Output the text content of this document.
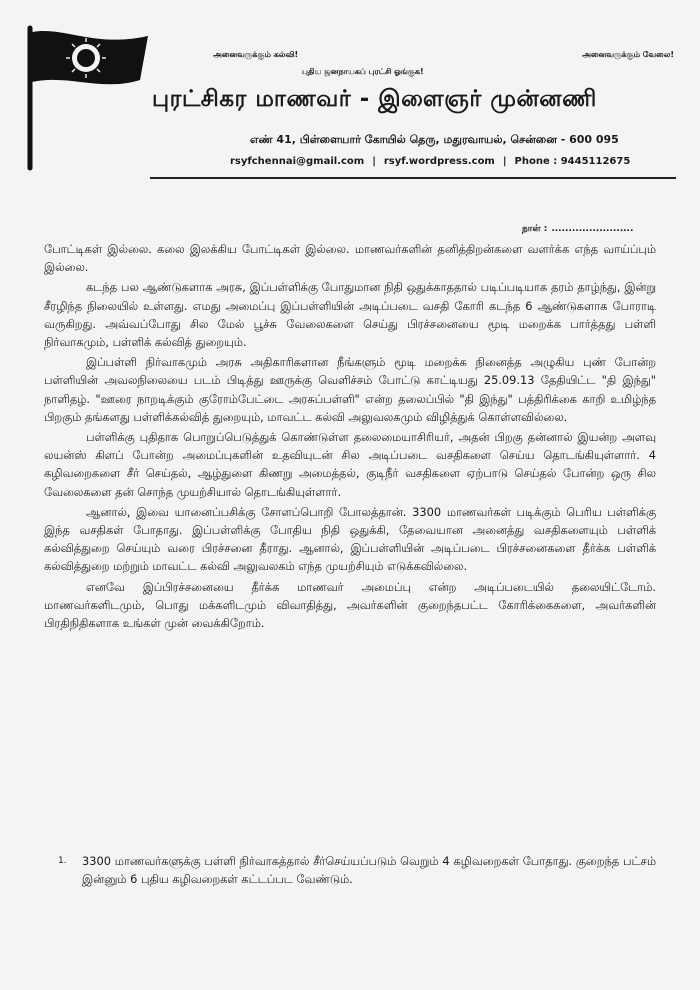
அனைவருக்கும் கல்வி!	அனைவருக்கும் வேலை!
புதிய ஜனநாயகப் புரட்சி ஓங்குக!
புரட்சிகர மாணவர் - இளைஞர் முன்னணி
எண் 41, பிள்ளையார் கோயில் தெரு, மதுரவாயல், சென்னை - 600 095
rsyfchennai@gmail.com | rsyf.wordpress.com | Phone : 9445112675
நாள் : ........................

போட்டிகள் இல்லை. கலை இலக்கிய போட்டிகள் இல்லை. மாணவர்களின் தனித்திறன்களை வளர்க்க எந்த வாய்ப்பும் இல்லை.

கடந்த பல ஆண்டுகளாக அரசு, இப்பள்ளிக்கு போதுமான நிதி ஒதுக்காததால் படிப்படியாக தரம் தாழ்ந்து, இன்று சீரழிந்த நிலையில் உள்ளது. எமது அமைப்பு இப்பள்ளியின் அடிப்படை வசதி கோரி கடந்த 6 ஆண்டுகளாக போராடி வருகிறது. அவ்வப்போது சில மேல் பூச்சு வேலைகளை செய்து பிரச்சனையை மூடி மறைக்க பார்த்தது பள்ளி நிர்வாகமும், பள்ளிக் கல்வித் துறையும்.

இப்பள்ளி நிர்வாகமும் அரசு அதிகாரிகளான நீங்களும் மூடி மறைக்க நினைத்த அழுகிய புண் போன்ற பள்ளியின் அவலநிலையை படம் பிடித்து ஊருக்கு வெளிச்சம் போட்டு காட்டியது 25.09.13 தேதியிட்ட "தி இந்து" நாளிதழ். "ஊரை நாறடிக்கும் குரோம்பேட்டை அரசுப்பள்ளி" என்ற தலைப்பில் "தி இந்து" பத்திரிக்கை காறி உமிழ்ந்த பிறகும் தங்களது பள்ளிக்கல்வித் துறையும், மாவட்ட கல்வி அலுவலகமும் விழித்துக் கொள்ளவில்லை.

பள்ளிக்கு புதிதாக பொறுப்பெடுத்துக் கொண்டுள்ள தலைமையாசிரியர், அதன் பிறகு தன்னால் இயன்ற அளவு லயன்ஸ் கிளப் போன்ற அமைப்புகளின் உதவியுடன் சில அடிப்படை வசதிகளை செய்ய தொடங்கியுள்ளார். 4 கழிவறைகளை சீர் செய்தல், ஆழ்துளை கிணறு அமைத்தல், குடிநீர் வசதிகளை ஏற்பாடு செய்தல் போன்ற ஒரு சில வேலைகளை தன் சொந்த முயற்சியால் தொடங்கியுள்ளார்.

ஆனால், இவை யானைப்பசிக்கு சோளப்பொறி போலத்தான். 3300 மாணவர்கள் படிக்கும் பெரிய பள்ளிக்கு இந்த வசதிகள் போதாது. இப்பள்ளிக்கு போதிய நிதி ஒதுக்கி, தேவையான அனைத்து வசதிகளையும் பள்ளிக் கல்வித்துறை செய்யும் வரை பிரச்சனை தீராது. ஆனால், இப்பள்ளியின் அடிப்படை பிரச்சனைகளை தீர்க்க பள்ளிக் கல்வித்துறை மற்றும் மாவட்ட கல்வி அலுவலகம் எந்த முயற்சியும் எடுக்கவில்லை.

எனவே இப்பிரச்சனையை தீர்க்க மாணவர் அமைப்பு என்ற அடிப்படையில் தலையிட்டோம். மாணவர்களிடமும், பொது மக்களிடமும் விவாதித்து, அவர்களின் குறைந்தபட்ட கோரிக்கைகளை, அவர்களின் பிரதிநிதிகளாக உங்கள் முன் வைக்கிறோம்.

1. 3300 மாணவர்களுக்கு பள்ளி நிர்வாகத்தால் சீர்செய்யப்படும் வெறும் 4 கழிவறைகள் போதாது. குறைந்த பட்சம் இன்னும் 6 புதிய கழிவறைகள் கட்டப்பட வேண்டும்.
